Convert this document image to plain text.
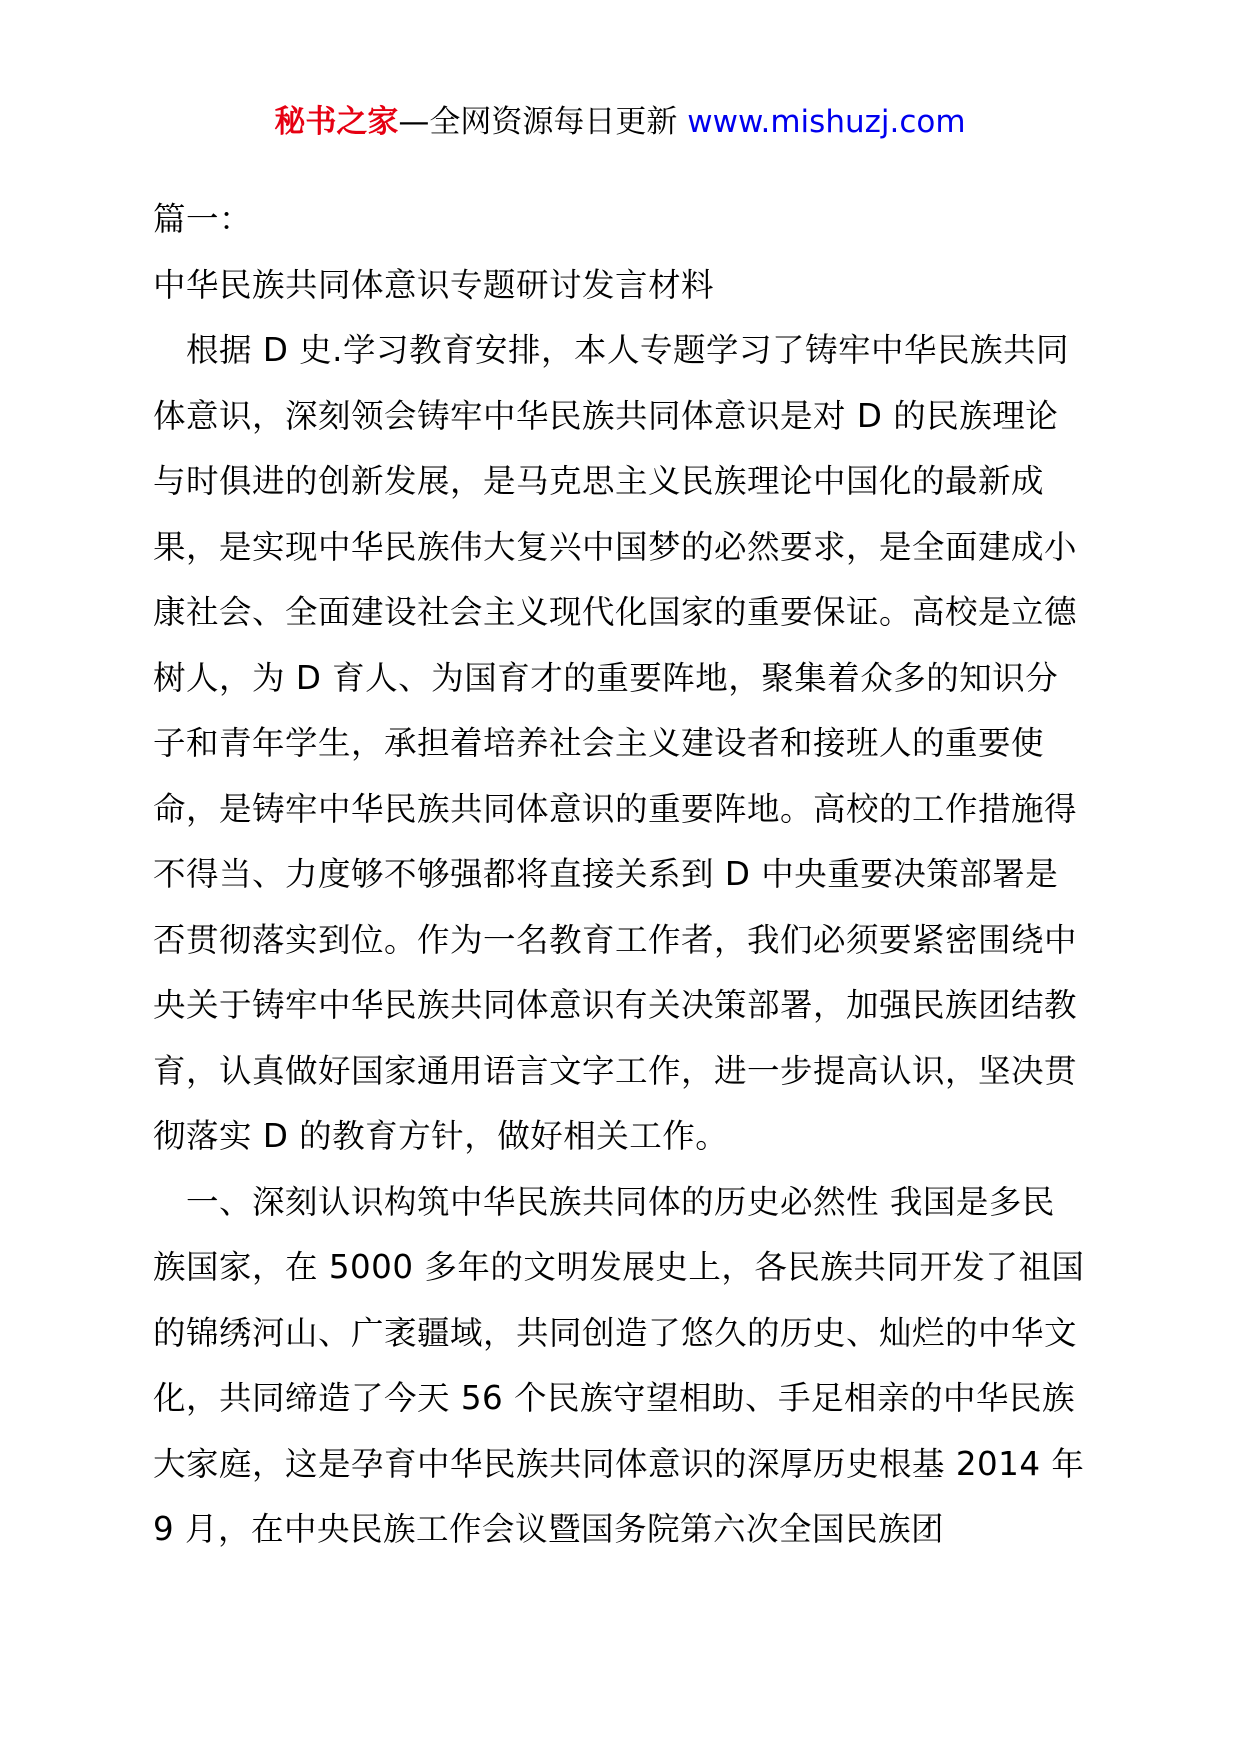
秘书之家—全网资源每日更新 www.mishuzj.com

篇一：

中华民族共同体意识专题研讨发言材料

根据 D 史.学习教育安排，本人专题学习了铸牢中华民族共同体意识，深刻领会铸牢中华民族共同体意识是对 D 的民族理论与时俱进的创新发展，是马克思主义民族理论中国化的最新成果，是实现中华民族伟大复兴中国梦的必然要求，是全面建成小康社会、全面建设社会主义现代化国家的重要保证。高校是立德树人，为 D 育人、为国育才的重要阵地，聚集着众多的知识分子和青年学生，承担着培养社会主义建设者和接班人的重要使命，是铸牢中华民族共同体意识的重要阵地。高校的工作措施得不得当、力度够不够强都将直接关系到 D 中央重要决策部署是否贯彻落实到位。作为一名教育工作者，我们必须要紧密围绕中央关于铸牢中华民族共同体意识有关决策部署，加强民族团结教育，认真做好国家通用语言文字工作，进一步提高认识，坚决贯彻落实 D 的教育方针，做好相关工作。

一、深刻认识构筑中华民族共同体的历史必然性 我国是多民族国家，在 5000 多年的文明发展史上，各民族共同开发了祖国的锦绣河山、广袤疆域，共同创造了悠久的历史、灿烂的中华文化，共同缔造了今天 56 个民族守望相助、手足相亲的中华民族大家庭，这是孕育中华民族共同体意识的深厚历史根基 2014 年 9 月，在中央民族工作会议暨国务院第六次全国民族团
